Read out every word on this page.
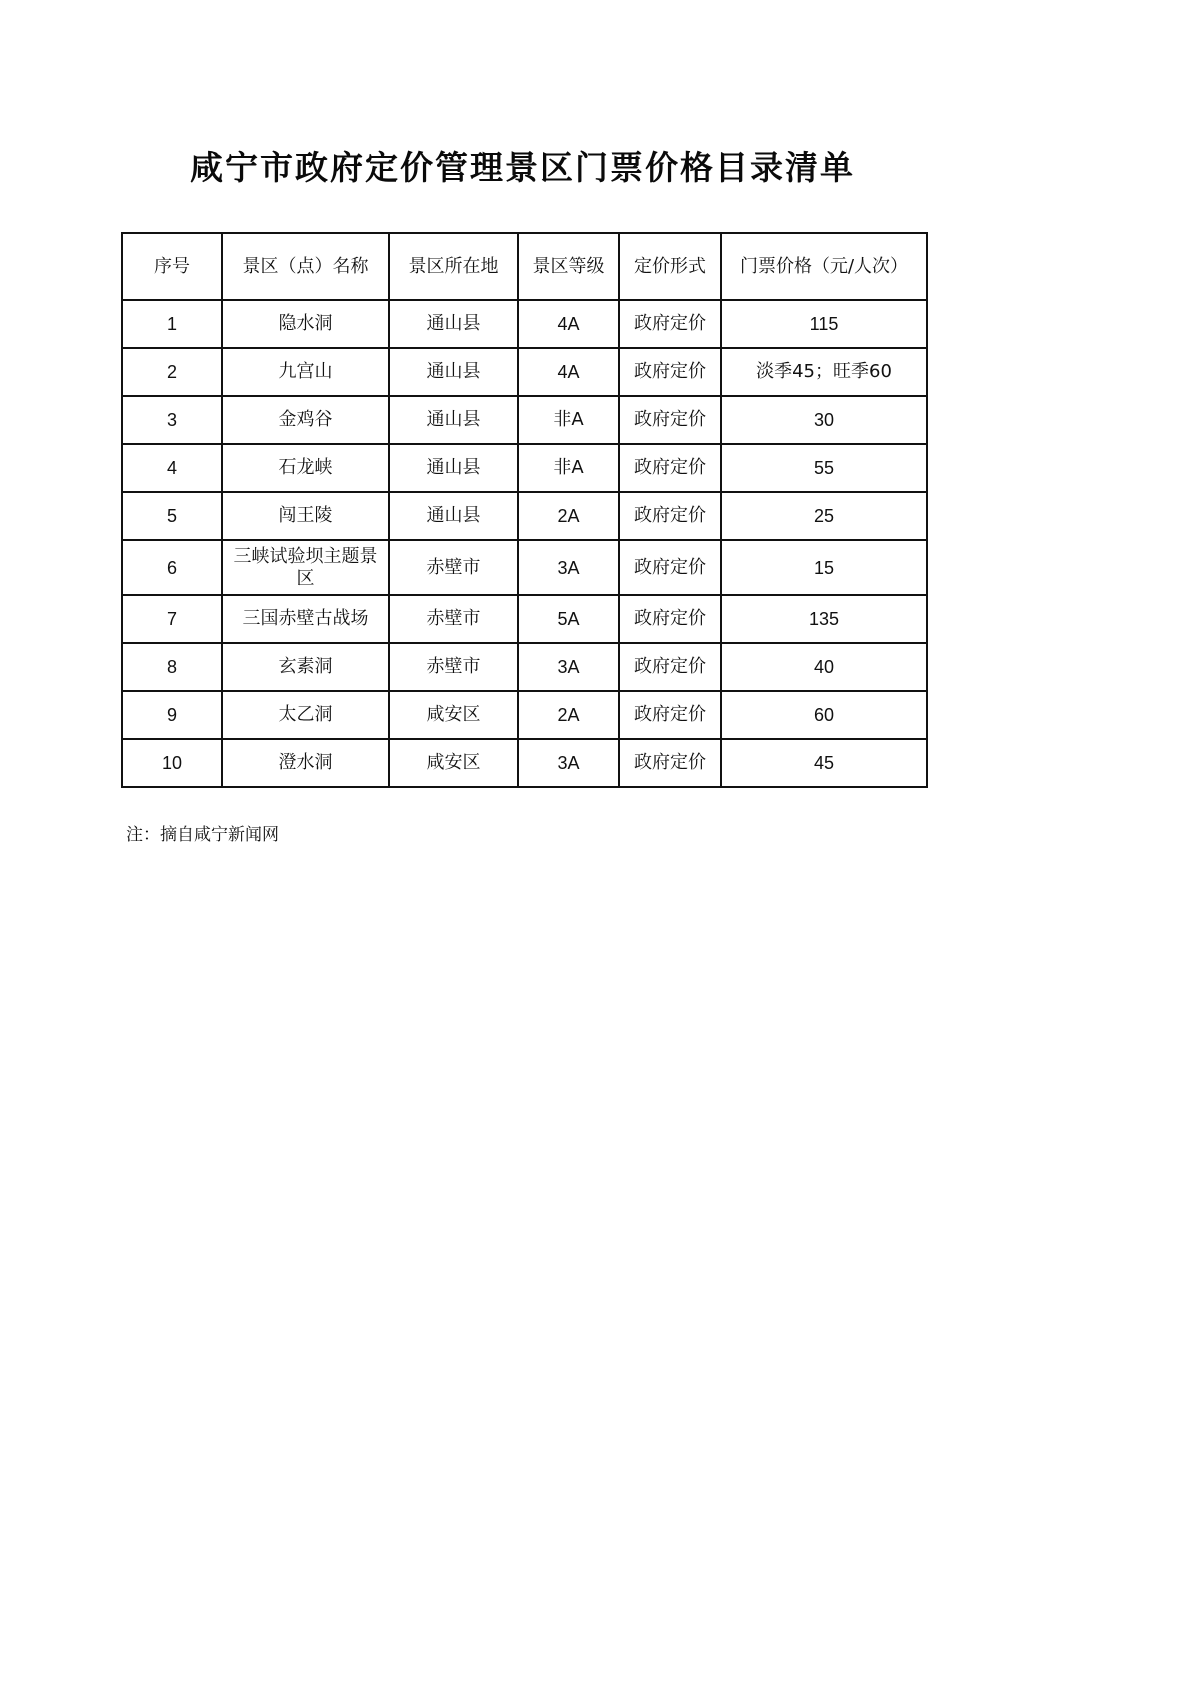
咸宁市政府定价管理景区门票价格目录清单
序号	景区（点）名称	景区所在地	景区等级	定价形式	门票价格（元/人次）
1	隐水洞	通山县	4A	政府定价	115
2	九宫山	通山县	4A	政府定价	淡季45；旺季60
3	金鸡谷	通山县	非A	政府定价	30
4	石龙峡	通山县	非A	政府定价	55
5	闯王陵	通山县	2A	政府定价	25
6	三峡试验坝主题景区	赤壁市	3A	政府定价	15
7	三国赤壁古战场	赤壁市	5A	政府定价	135
8	玄素洞	赤壁市	3A	政府定价	40
9	太乙洞	咸安区	2A	政府定价	60
10	澄水洞	咸安区	3A	政府定价	45
注：摘自咸宁新闻网
